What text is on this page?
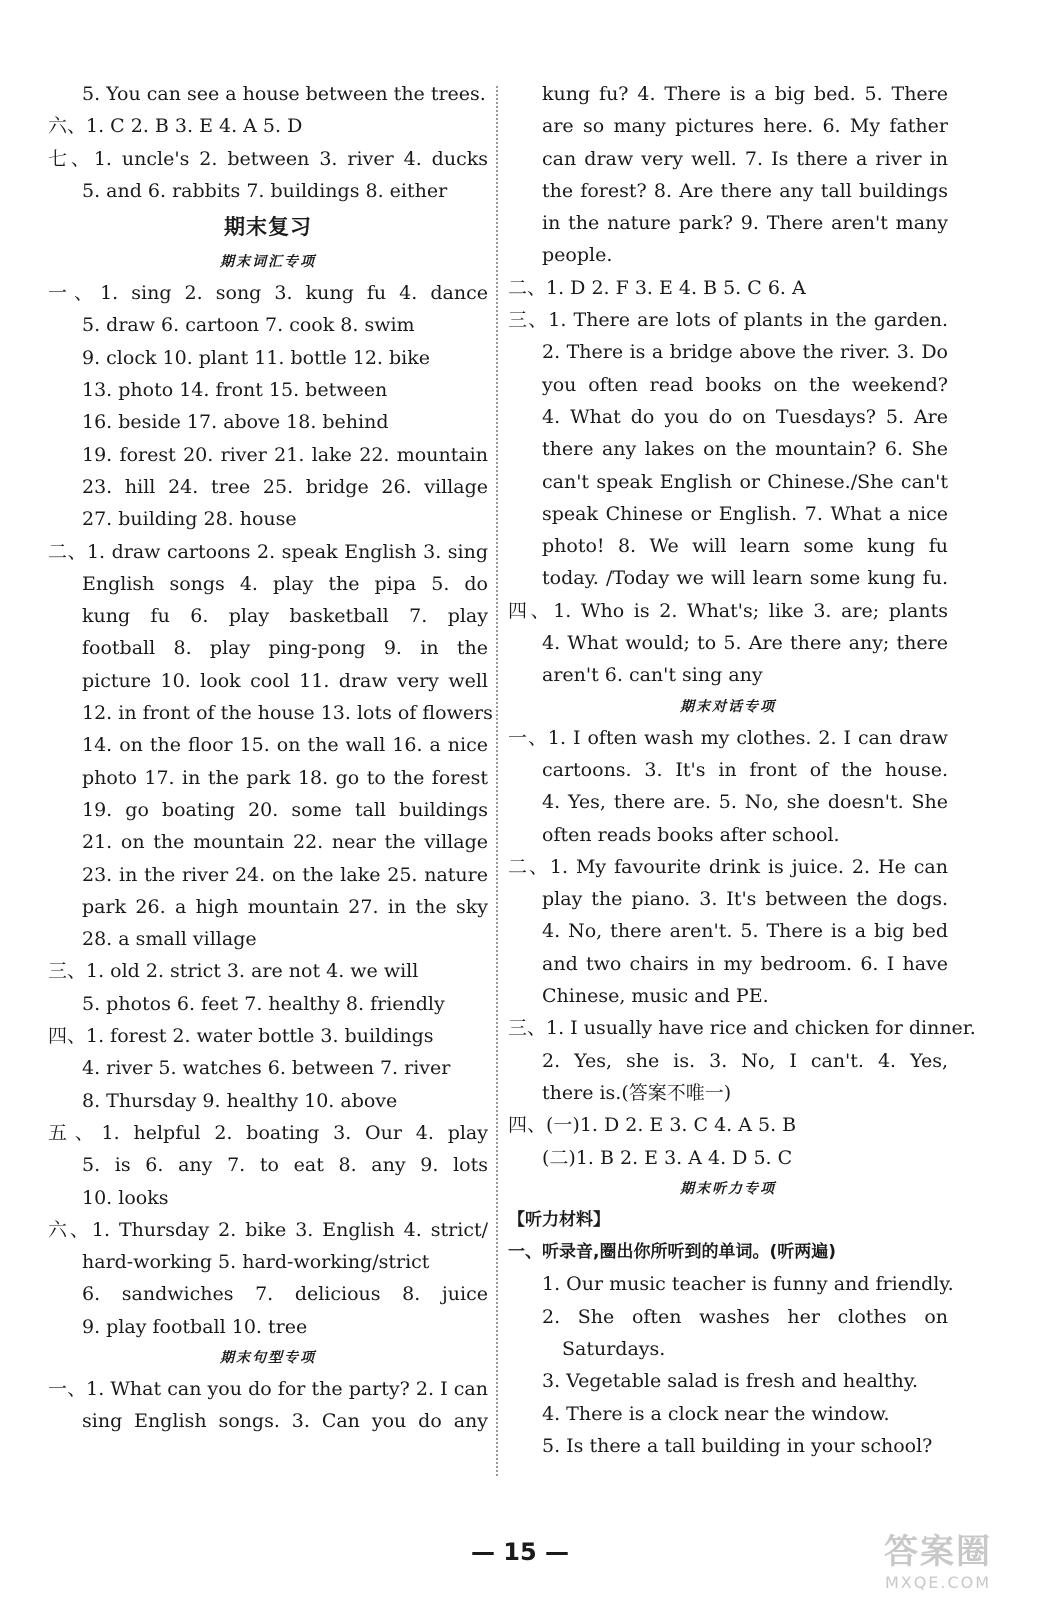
5. You can see a house between the trees.
六、1. C 2. B 3. E 4. A 5. D
七、1. uncle's 2. between 3. river 4. ducks
5. and 6. rabbits 7. buildings 8. either
期末复习
期末词汇专项
一、1. sing 2. song 3. kung fu 4. dance
5. draw 6. cartoon 7. cook 8. swim
9. clock 10. plant 11. bottle 12. bike
13. photo 14. front 15. between
16. beside 17. above 18. behind
19. forest 20. river 21. lake 22. mountain
23. hill 24. tree 25. bridge 26. village
27. building 28. house
二、1. draw cartoons 2. speak English 3. sing
English songs 4. play the pipa 5. do
kung fu 6. play basketball 7. play
football 8. play ping-pong 9. in the
picture 10. look cool 11. draw very well
12. in front of the house 13. lots of flowers
14. on the floor 15. on the wall 16. a nice
photo 17. in the park 18. go to the forest
19. go boating 20. some tall buildings
21. on the mountain 22. near the village
23. in the river 24. on the lake 25. nature
park 26. a high mountain 27. in the sky
28. a small village
三、1. old 2. strict 3. are not 4. we will
5. photos 6. feet 7. healthy 8. friendly
四、1. forest 2. water bottle 3. buildings
4. river 5. watches 6. between 7. river
8. Thursday 9. healthy 10. above
五、1. helpful 2. boating 3. Our 4. play
5. is 6. any 7. to eat 8. any 9. lots
10. looks
六、1. Thursday 2. bike 3. English 4. strict/
hard-working 5. hard-working/strict
6. sandwiches 7. delicious 8. juice
9. play football 10. tree
期末句型专项
一、1. What can you do for the party? 2. I can
sing English songs. 3. Can you do any
kung fu? 4. There is a big bed. 5. There
are so many pictures here. 6. My father
can draw very well. 7. Is there a river in
the forest? 8. Are there any tall buildings
in the nature park? 9. There aren't many
people.
二、1. D 2. F 3. E 4. B 5. C 6. A
三、1. There are lots of plants in the garden.
2. There is a bridge above the river. 3. Do
you often read books on the weekend?
4. What do you do on Tuesdays? 5. Are
there any lakes on the mountain? 6. She
can't speak English or Chinese./She can't
speak Chinese or English. 7. What a nice
photo! 8. We will learn some kung fu
today. /Today we will learn some kung fu.
四、1. Who is 2. What's; like 3. are; plants
4. What would; to 5. Are there any; there
aren't 6. can't sing any
期末对话专项
一、1. I often wash my clothes. 2. I can draw
cartoons. 3. It's in front of the house.
4. Yes, there are. 5. No, she doesn't. She
often reads books after school.
二、1. My favourite drink is juice. 2. He can
play the piano. 3. It's between the dogs.
4. No, there aren't. 5. There is a big bed
and two chairs in my bedroom. 6. I have
Chinese, music and PE.
三、1. I usually have rice and chicken for dinner.
2. Yes, she is. 3. No, I can't. 4. Yes,
there is.(答案不唯一)
四、(一)1. D 2. E 3. C 4. A 5. B
(二)1. B 2. E 3. A 4. D 5. C
期末听力专项
【听力材料】
一、听录音,圈出你所听到的单词。(听两遍)
1. Our music teacher is funny and friendly.
2. She often washes her clothes on
Saturdays.
3. Vegetable salad is fresh and healthy.
4. There is a clock near the window.
5. Is there a tall building in your school?
— 15 —	答案圈
MXQE.COM
